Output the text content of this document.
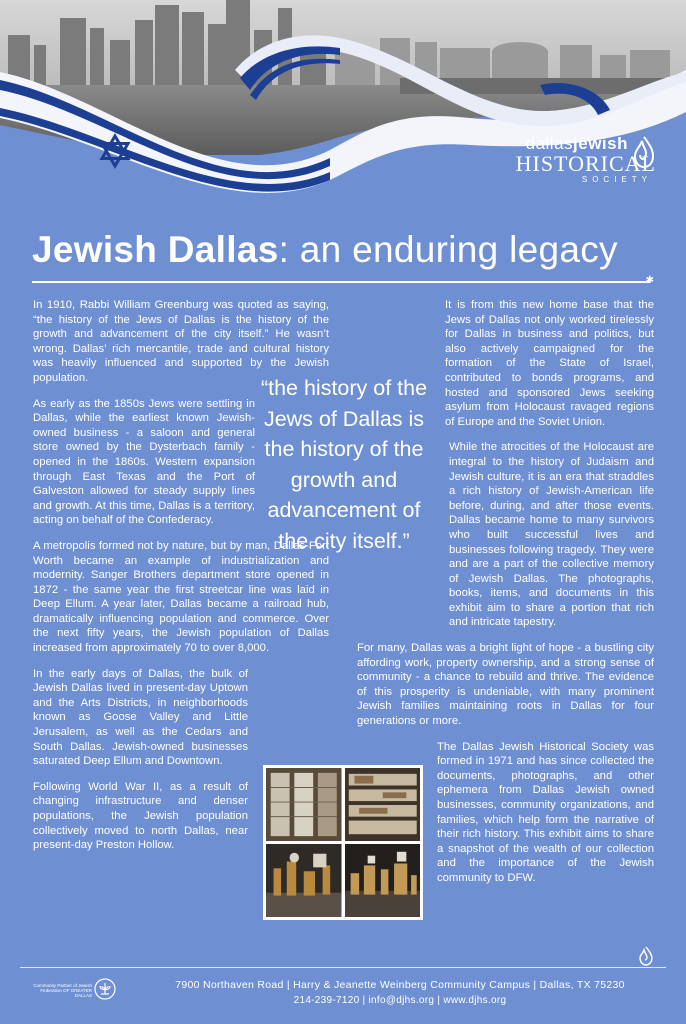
dallasjewish
HISTORICAL
SOCIETY
Jewish Dallas: an enduring legacy
✱

In 1910, Rabbi William Greenburg was quoted as saying, “the history of the Jews of Dallas is the history of the growth and advancement of the city itself.” He wasn’t wrong. Dallas’ rich mercantile, trade and cultural history was heavily influenced and supported by the Jewish population.

As early as the 1850s Jews were settling in Dallas, while the earliest known Jewish-owned business - a saloon and general store owned by the Dysterbach family - opened in the 1860s. Western expansion through East Texas and the Port of Galveston allowed for steady supply lines and growth. At this time, Dallas is a territory, acting on behalf of the Confederacy.

A metropolis formed not by nature, but by man, Dallas-Fort Worth became an example of industrialization and modernity. Sanger Brothers department store opened in 1872 - the same year the first streetcar line was laid in Deep Ellum. A year later, Dallas became a railroad hub, dramatically influencing population and commerce. Over the next fifty years, the Jewish population of Dallas increased from approximately 70 to over 8,000.

In the early days of Dallas, the bulk of Jewish Dallas lived in present-day Uptown and the Arts Districts, in neighborhoods known as Goose Valley and Little Jerusalem, as well as the Cedars and South Dallas. Jewish-owned businesses saturated Deep Ellum and Downtown.

Following World War II, as a result of changing infrastructure and denser populations, the Jewish population collectively moved to north Dallas, near present-day Preston Hollow.

“the history of the Jews of Dallas is the history of the growth and advancement of the city itself.”

It is from this new home base that the Jews of Dallas not only worked tirelessly for Dallas in business and politics, but also actively campaigned for the formation of the State of Israel, contributed to bonds programs, and hosted and sponsored Jews seeking asylum from Holocaust ravaged regions of Europe and the Soviet Union.

While the atrocities of the Holocaust are integral to the history of Judaism and Jewish culture, it is an era that straddles a rich history of Jewish-American life before, during, and after those events. Dallas became home to many survivors who built successful lives and businesses following tragedy. They were and are a part of the collective memory of Jewish Dallas. The photographs, books, items, and documents in this exhibit aim to share a portion that rich and intricate tapestry.

For many, Dallas was a bright light of hope - a bustling city affording work, property ownership, and a strong sense of community - a chance to rebuild and thrive. The evidence of this prosperity is undeniable, with many prominent Jewish families maintaining roots in Dallas for four generations or more.

The Dallas Jewish Historical Society was formed in 1971 and has since collected the documents, photographs, and other ephemera from Dallas Jewish owned businesses, community organizations, and families, which help form the narrative of their rich history. This exhibit aims to share a snapshot of the wealth of our collection and the importance of the Jewish community to DFW.

Community Partner of Jewish Federation OF GREATER DALLAS
7900 Northaven Road | Harry & Jeanette Weinberg Community Campus | Dallas, TX 75230
214-239-7120 | info@djhs.org | www.djhs.org
